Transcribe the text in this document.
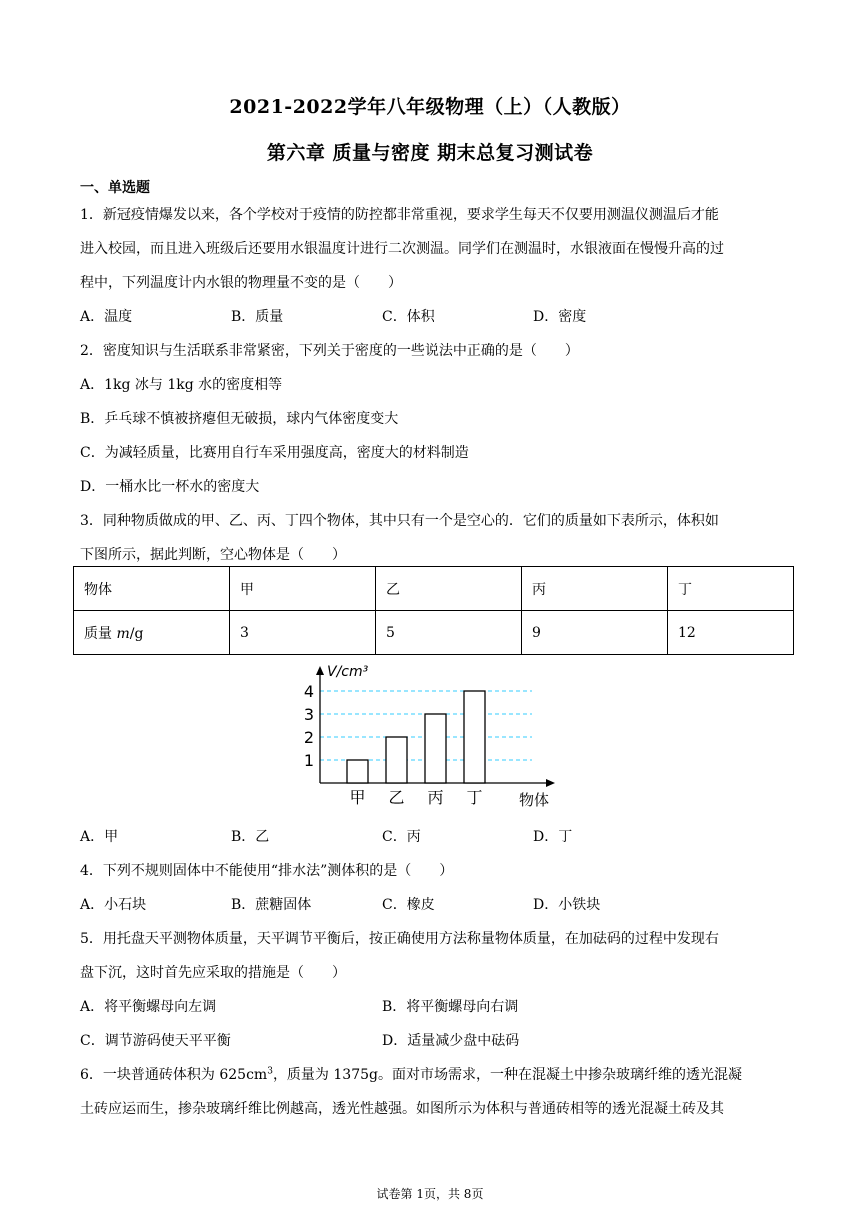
2021-2022学年八年级物理（上）（人教版）
第六章 质量与密度 期末总复习测试卷
一、单选题
1．新冠疫情爆发以来，各个学校对于疫情的防控都非常重视，要求学生每天不仅要用测温仪测温后才能
进入校园，而且进入班级后还要用水银温度计进行二次测温。同学们在测温时，水银液面在慢慢升高的过
程中，下列温度计内水银的物理量不变的是（　　）
A．温度	B．质量	C．体积	D．密度
2．密度知识与生活联系非常紧密，下列关于密度的一些说法中正确的是（　　）
A．1kg 冰与 1kg 水的密度相等
B．乒乓球不慎被挤瘪但无破损，球内气体密度变大
C．为减轻质量，比赛用自行车采用强度高，密度大的材料制造
D．一桶水比一杯水的密度大
3．同种物质做成的甲、乙、丙、丁四个物体，其中只有一个是空心的．它们的质量如下表所示，体积如
下图所示，据此判断，空心物体是（　　）
物体	甲	乙	丙	丁
质量 m/g	3	5	9	12
1
2
3
4
甲 乙 丙 丁
V/cm³
物体
A．甲	B．乙	C．丙	D．丁
4．下列不规则固体中不能使用“排水法”测体积的是（　　）
A．小石块	B．蔗糖固体	C．橡皮	D．小铁块
5．用托盘天平测物体质量，天平调节平衡后，按正确使用方法称量物体质量，在加砝码的过程中发现右
盘下沉，这时首先应采取的措施是（　　）
A．将平衡螺母向左调	B．将平衡螺母向右调
C．调节游码使天平平衡	D．适量减少盘中砝码
6．一块普通砖体积为 $625cm^3$，质量为 1375g。面对市场需求，一种在混凝土中掺杂玻璃纤维的透光混凝
土砖应运而生，掺杂玻璃纤维比例越高，透光性越强。如图所示为体积与普通砖相等的透光混凝土砖及其
试卷第 1页，共 8页
